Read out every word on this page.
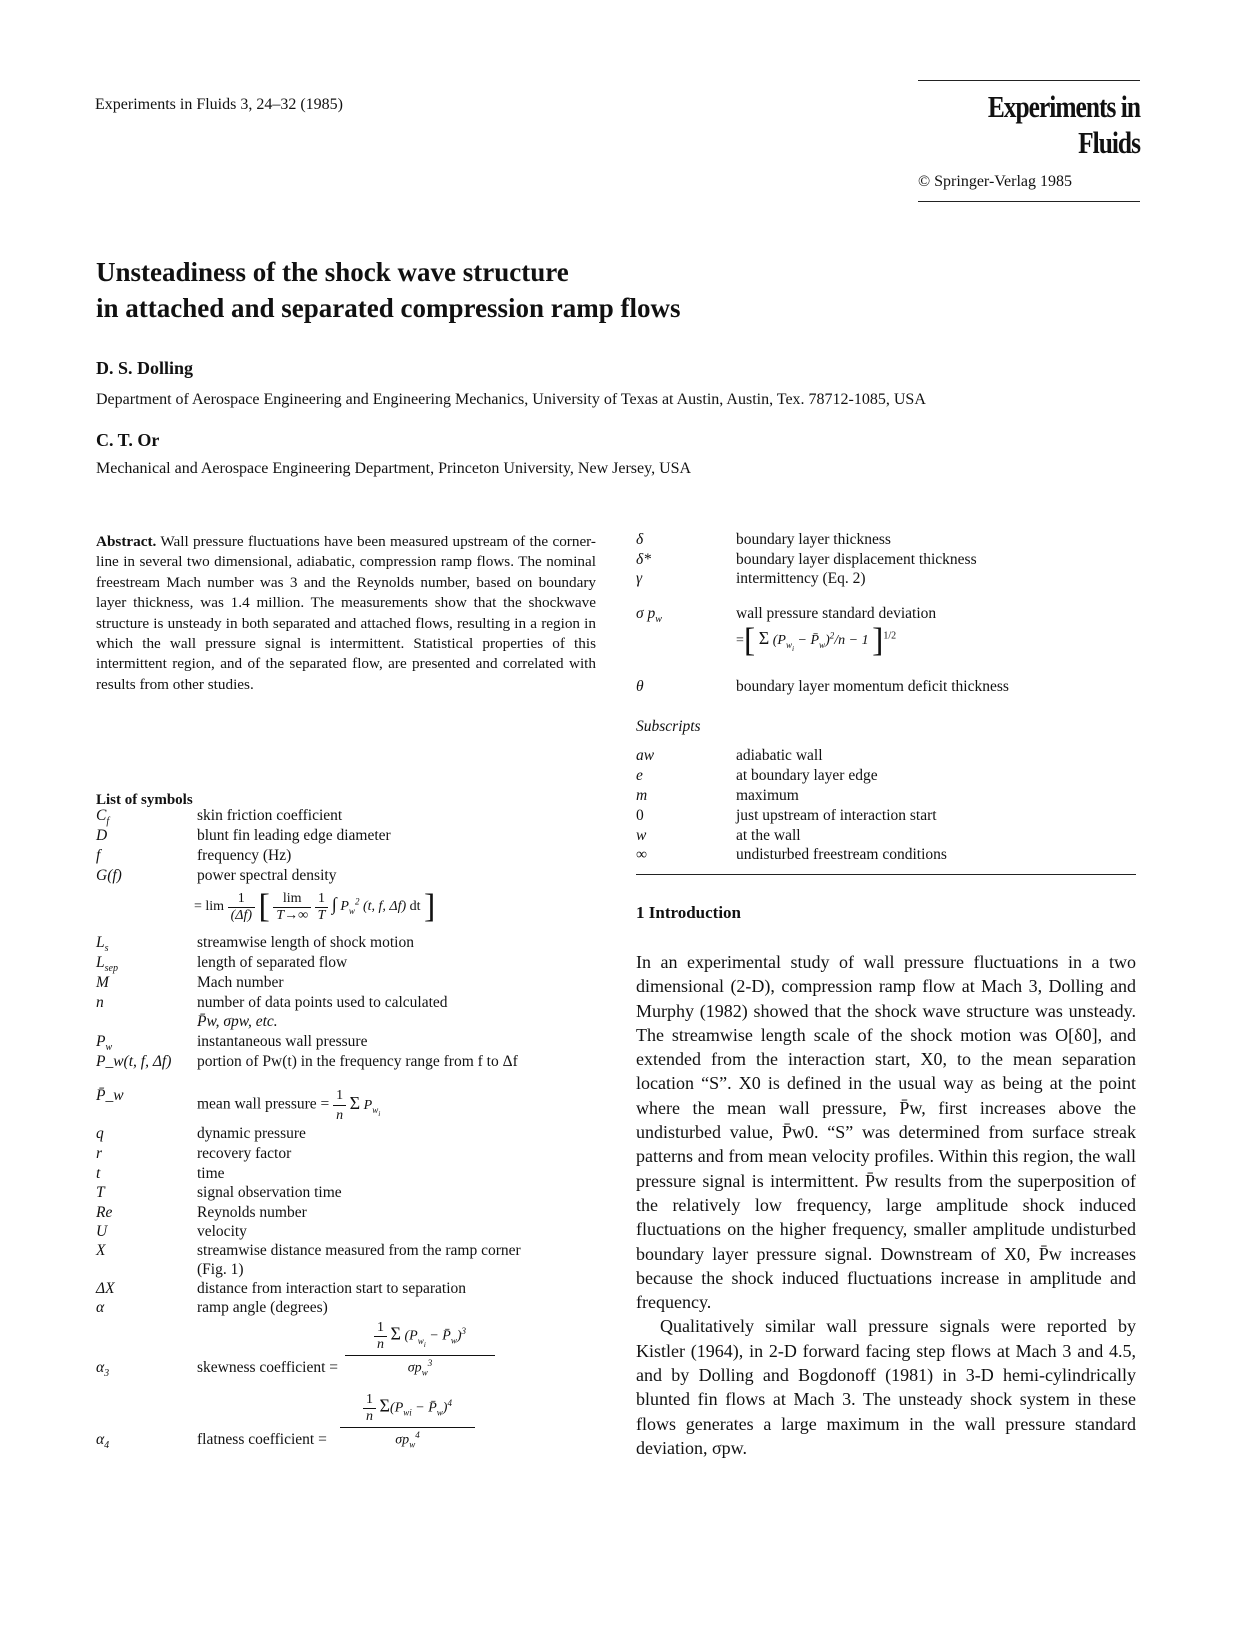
Experiments in Fluids 3, 24–32 (1985)	Experiments in Fluids
© Springer-Verlag 1985
Unsteadiness of the shock wave structure
in attached and separated compression ramp flows
D. S. Dolling
Department of Aerospace Engineering and Engineering Mechanics, University of Texas at Austin, Austin, Tex. 78712-1085, USA
C. T. Or
Mechanical and Aerospace Engineering Department, Princeton University, New Jersey, USA
Abstract. Wall pressure fluctuations have been measured upstream of the corner-line in several two dimensional, adiabatic, compression ramp flows. The nominal freestream Mach number was 3 and the Reynolds number, based on boundary layer thickness, was 1.4 million. The measurements show that the shockwave structure is unsteady in both separated and attached flows, resulting in a region in which the wall pressure signal is intermittent. Statistical properties of this intermittent region, and of the separated flow, are presented and correlated with results from other studies.
List of symbols
$C_f$	skin friction coefficient
D	blunt fin leading edge diameter
f	frequency (Hz)
G(f)	power spectral density
= $\lim \frac{1}{(\Delta f)}$ [ $\frac{\lim}{T\to\infty}$
$\frac{1}{T}$ ∫ $P_w^2$ (t, f, Δf) dt ]
$L_s$	streamwise length of shock motion
$L_{sep}$	length of separated flow
M	Mach number
n	number of data points used to calculated
P̄w, σpw, etc.
$P_w$	instantaneous wall pressure
P_w(t, f, Δf) portion of Pw(t) in the frequency range from f to Δf
P̄_w
mean wall pressure = $\frac{1}{n}$ Σ $P_{w_i}$
q	dynamic pressure
r	recovery factor
t	time
T	signal observation time
Re	Reynolds number
U	velocity
X	streamwise distance measured from the ramp corner
(Fig. 1)
ΔX	distance from interaction start to separation
α	ramp angle (degrees)
$\alpha_3$	skewness coefficient =
$\frac{1}{n}$ Σ ($P_{w_i}$ − $P̄_w)^3$
$\sigma p_w^3$
$\alpha_4$	flatness coefficient =
$\frac{1}{n} \Sigma(P_{wi}$ − $P̄_w)^4$
$\sigma p_w^4$
δ	boundary layer thickness
δ*	boundary layer displacement thickness
γ	intermittency (Eq. 2)
σ $p_w$	wall pressure standard deviation
=[ Σ ($P_{w_i}$ − $P̄_w)^2/n - 1$ ]$^{1/2}$
θ	boundary layer momentum deficit thickness
Subscripts
aw	adiabatic wall
e	at boundary layer edge
m	maximum
0	just upstream of interaction start
w	at the wall
∞	undisturbed freestream conditions
1 Introduction

In an experimental study of wall pressure fluctuations in a two dimensional (2-D), compression ramp flow at Mach 3, Dolling and Murphy (1982) showed that the shock wave structure was unsteady. The streamwise length scale of the shock motion was O[δ0], and extended from the interaction start, X0, to the mean separation location “S”. X0 is defined in the usual way as being at the point where the mean wall pressure, P̄w, first increases above the undisturbed value, P̄w0. “S” was determined from surface streak patterns and from mean velocity profiles. Within this region, the wall pressure signal is intermittent. P̄w results from the superposition of the relatively low frequency, large amplitude shock induced fluctuations on the higher frequency, smaller amplitude undisturbed boundary layer pressure signal. Downstream of X0, P̄w increases because the shock induced fluctuations increase in amplitude and frequency.

Qualitatively similar wall pressure signals were reported by Kistler (1964), in 2-D forward facing step flows at Mach 3 and 4.5, and by Dolling and Bogdonoff (1981) in 3-D hemi-cylindrically blunted fin flows at Mach 3. The unsteady shock system in these flows generates a large maximum in the wall pressure standard deviation, σpw.
